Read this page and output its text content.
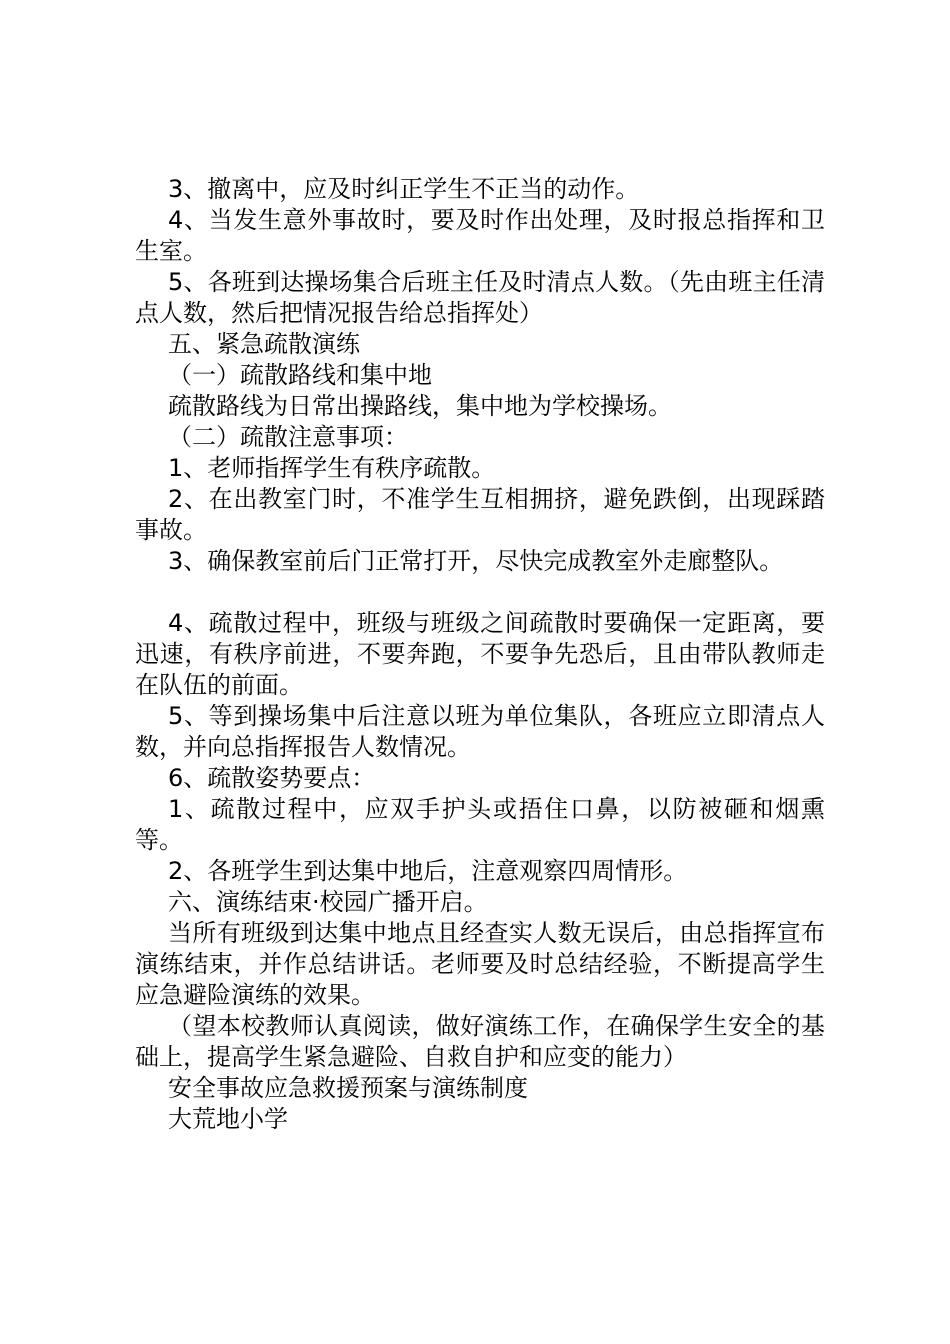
3、撤离中，应及时纠正学生不正当的动作。

4、当发生意外事故时，要及时作出处理，及时报总指挥和卫生室。

5、各班到达操场集合后班主任及时清点人数。（先由班主任清点人数，然后把情况报告给总指挥处）

五、紧急疏散演练

（一）疏散路线和集中地

疏散路线为日常出操路线，集中地为学校操场。

（二）疏散注意事项：

1、老师指挥学生有秩序疏散。

2、在出教室门时，不准学生互相拥挤，避免跌倒，出现踩踏事故。

3、确保教室前后门正常打开，尽快完成教室外走廊整队。

4、疏散过程中，班级与班级之间疏散时要确保一定距离，要迅速，有秩序前进，不要奔跑，不要争先恐后，且由带队教师走在队伍的前面。

5、等到操场集中后注意以班为单位集队，各班应立即清点人数，并向总指挥报告人数情况。

6、疏散姿势要点：

1、疏散过程中，应双手护头或捂住口鼻，以防被砸和烟熏等。

2、各班学生到达集中地后，注意观察四周情形。

六、演练结束·校园广播开启。

当所有班级到达集中地点且经查实人数无误后，由总指挥宣布演练结束，并作总结讲话。老师要及时总结经验，不断提高学生应急避险演练的效果。

（望本校教师认真阅读，做好演练工作，在确保学生安全的基础上，提高学生紧急避险、自救自护和应变的能力）

安全事故应急救援预案与演练制度

大荒地小学
